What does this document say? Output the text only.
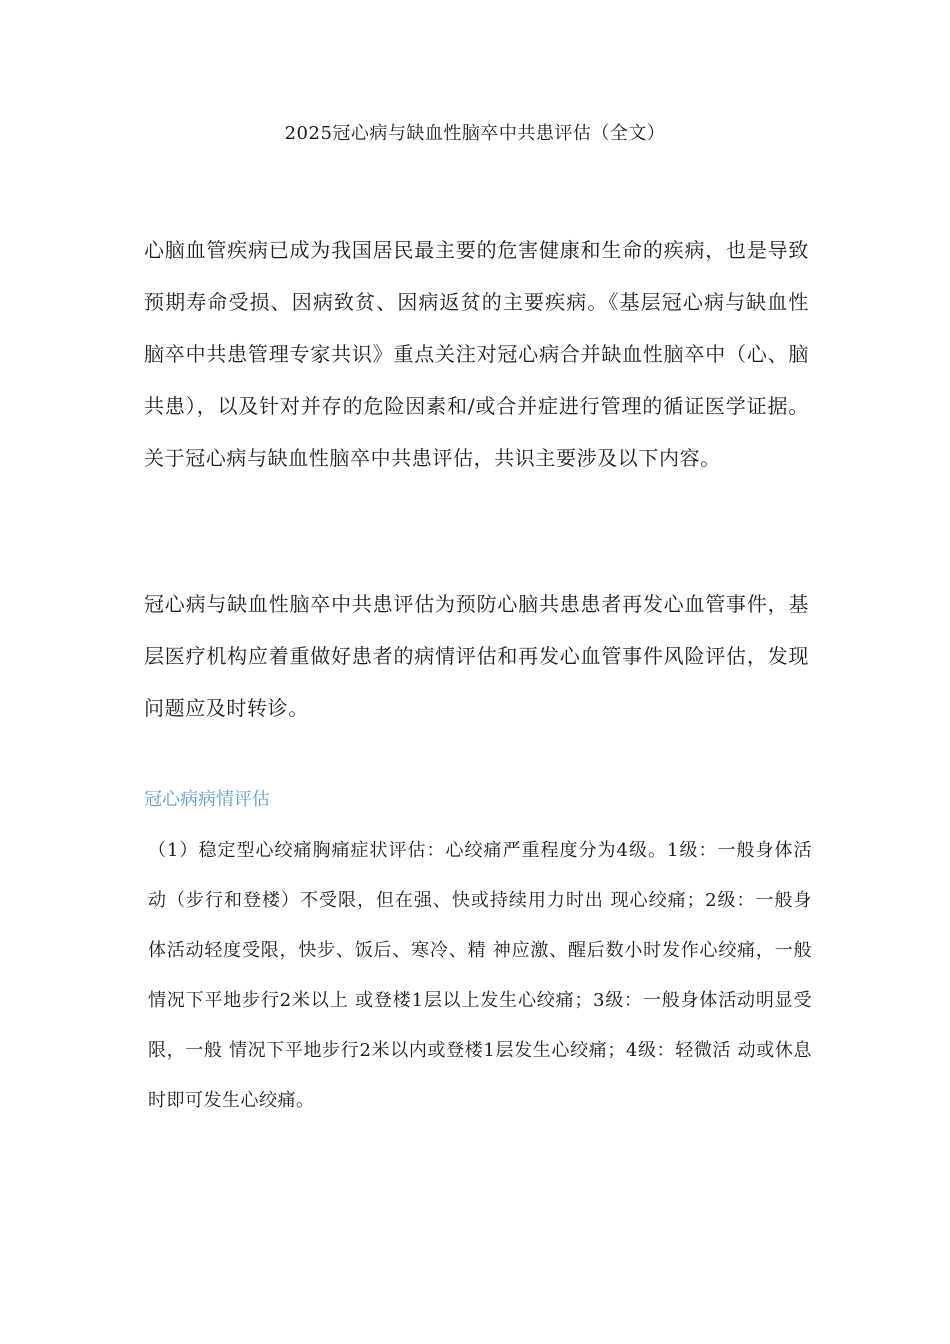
2025冠心病与缺血性脑卒中共患评估（全文）

心脑血管疾病已成为我国居民最主要的危害健康和生命的疾病，也是导致预期寿命受损、因病致贫、因病返贫的主要疾病。《基层冠心病与缺血性脑卒中共患管理专家共识》重点关注对冠心病合并缺血性脑卒中（心、脑共患），以及针对并存的危险因素和/或合并症进行管理的循证医学证据。关于冠心病与缺血性脑卒中共患评估，共识主要涉及以下内容。

冠心病与缺血性脑卒中共患评估为预防心脑共患患者再发心血管事件，基层医疗机构应着重做好患者的病情评估和再发心血管事件风险评估，发现问题应及时转诊。

冠心病病情评估

（1）稳定型心绞痛胸痛症状评估：心绞痛严重程度分为4级。1级：一般身体活动（步行和登楼）不受限，但在强、快或持续用力时出 现心绞痛；2级：一般身体活动轻度受限，快步、饭后、寒冷、精 神应激、醒后数小时发作心绞痛，一般情况下平地步行2米以上 或登楼1层以上发生心绞痛；3级：一般身体活动明显受限，一般 情况下平地步行2米以内或登楼1层发生心绞痛；4级：轻微活 动或休息时即可发生心绞痛。
